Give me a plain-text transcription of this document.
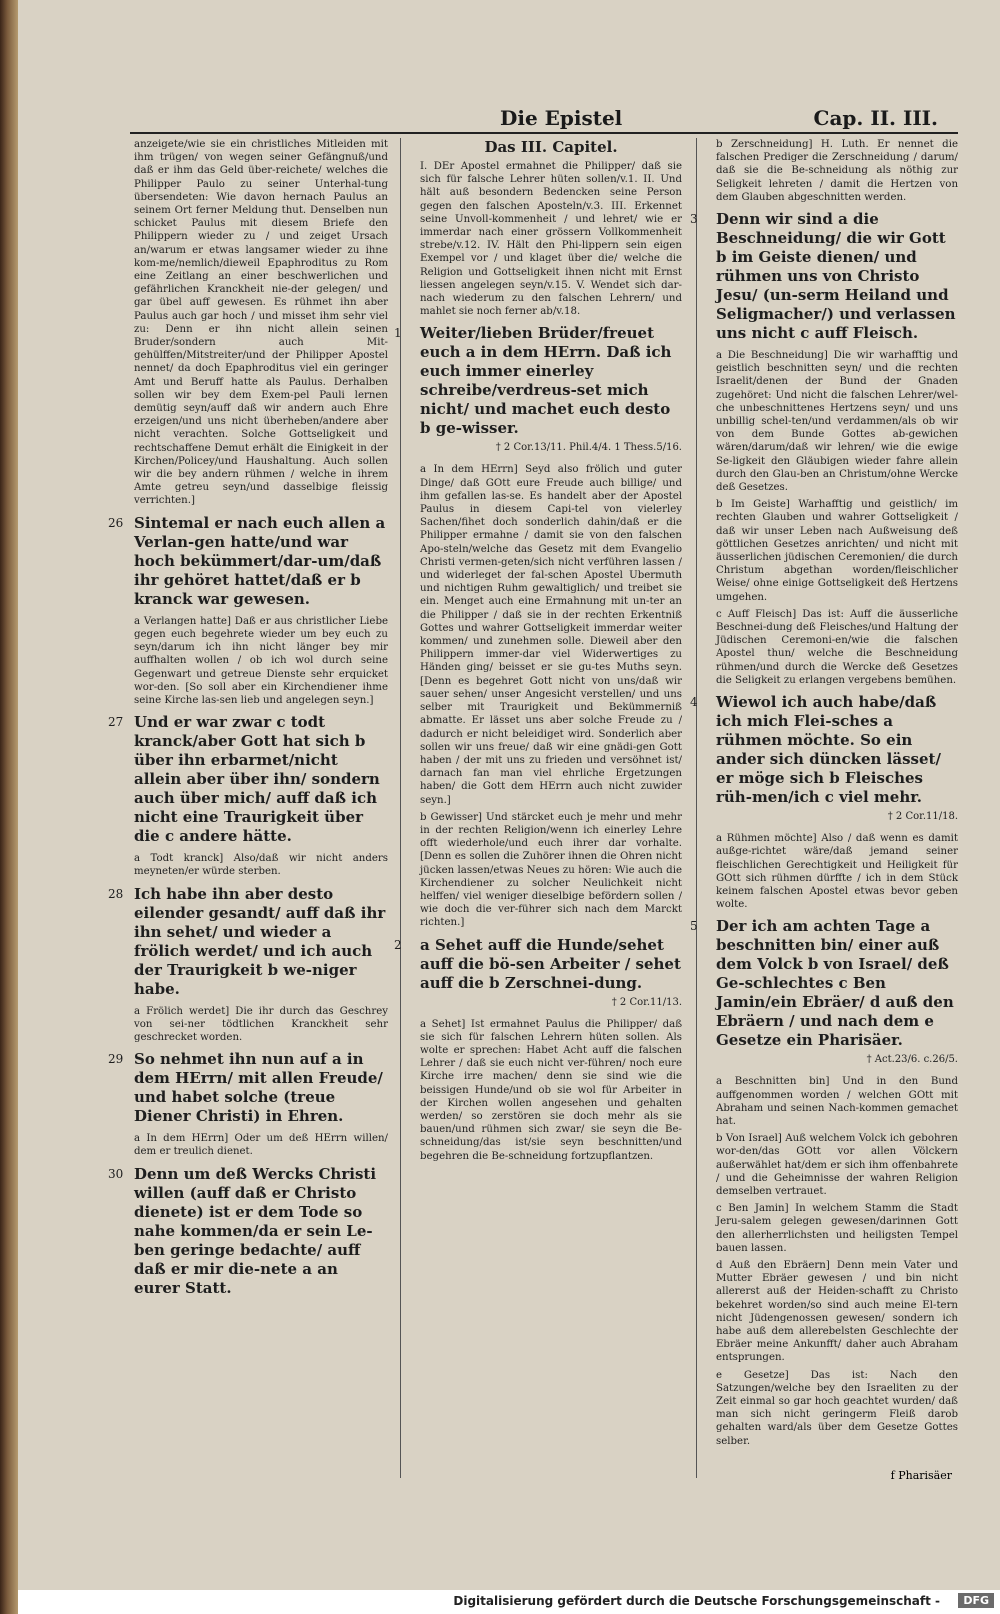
Die Epistel	Cap. II. III.

anzeigete/wie sie ein christliches Mitleiden mit ihm trügen/ von wegen seiner Gefängnuß/und daß er ihm das Geld über-reichete/ welches die Philipper Paulo zu seiner Unterhal-tung übersendeten: Wie davon hernach Paulus an seinem Ort ferner Meldung thut. Denselben nun schicket Paulus mit diesem Briefe den Philippern wieder zu / und zeiget Ursach an/warum er etwas langsamer wieder zu ihne kom-me/nemlich/dieweil Epaphroditus zu Rom eine Zeitlang an einer beschwerlichen und gefährlichen Kranckheit nie-der gelegen/ und gar übel auff gewesen. Es rühmet ihn aber Paulus auch gar hoch / und misset ihm sehr viel zu: Denn er ihn nicht allein seinen Bruder/sondern auch Mit-gehülffen/Mitstreiter/und der Philipper Apostel nennet/ da doch Epaphroditus viel ein geringer Amt und Beruff hatte als Paulus. Derhalben sollen wir bey dem Exem-pel Pauli lernen demütig seyn/auff daß wir andern auch Ehre erzeigen/und uns nicht überheben/andere aber nicht verachten. Solche Gottseligkeit und rechtschaffene Demut erhält die Einigkeit in der Kirchen/Policey/und Haushaltung. Auch sollen wir die bey andern rühmen / welche in ihrem Amte getreu seyn/und dasselbige fleissig verrichten.]

26 Sintemal er nach euch allen a Verlan-gen hatte/und war hoch bekümmert/dar-um/daß ihr gehöret hattet/daß er b kranck war gewesen.

a Verlangen hatte] Daß er aus christlicher Liebe gegen euch begehrete wieder um bey euch zu seyn/darum ich ihn nicht länger bey mir auffhalten wollen / ob ich wol durch seine Gegenwart und getreue Dienste sehr erquicket wor-den. [So soll aber ein Kirchendiener ihme seine Kirche las-sen lieb und angelegen seyn.]

27 Und er war zwar c todt kranck/aber Gott hat sich b über ihn erbarmet/nicht allein aber über ihn/ sondern auch über mich/ auff daß ich nicht eine Traurigkeit über die c andere hätte.

a Todt kranck] Also/daß wir nicht anders meyneten/er würde sterben.

28 Ich habe ihn aber desto eilender gesandt/ auff daß ihr ihn sehet/ und wieder a frölich werdet/ und ich auch der Traurigkeit b we-niger habe.

a Frölich werdet] Die ihr durch das Geschrey von sei-ner tödtlichen Kranckheit sehr geschrecket worden.

29 So nehmet ihn nun auf a in dem HErrn/ mit allen Freude/ und habet solche (treue Diener Christi) in Ehren.

a In dem HErrn] Oder um deß HErrn willen/ dem er treulich dienet.

30 Denn um deß Wercks Christi willen (auff daß er Christo dienete) ist er dem Tode so nahe kommen/da er sein Le-ben geringe bedachte/ auff daß er mir die-nete a an eurer Statt.
Das III. Capitel.

I. DEr Apostel ermahnet die Philipper/ daß sie sich für falsche Lehrer hüten sollen/v.1. II. Und hält auß besondern Bedencken seine Person gegen den falschen Aposteln/v.3. III. Erkennet seine Unvoll-kommenheit / und lehret/ wie er immerdar nach einer grössern Vollkommenheit strebe/v.12. IV. Hält den Phi-lippern sein eigen Exempel vor / und klaget über die/ welche die Religion und Gottseligkeit ihnen nicht mit Ernst liessen angelegen seyn/v.15. V. Wendet sich dar-nach wiederum zu den falschen Lehrern/ und mahlet sie noch ferner ab/v.18.

1 Weiter/lieben Brüder/freuet euch a in dem HErrn. Daß ich euch immer einerley schreibe/verdreus-set mich nicht/ und machet euch desto b ge-wisser.
† 2 Cor.13/11. Phil.4/4. 1 Thess.5/16.

a In dem HErrn] Seyd also frölich und guter Dinge/ daß GOtt eure Freude auch billige/ und ihm gefallen las-se. Es handelt aber der Apostel Paulus in diesem Capi-tel von vielerley Sachen/fihet doch sonderlich dahin/daß er die Philipper ermahne / damit sie von den falschen Apo-steln/welche das Gesetz mit dem Evangelio Christi vermen-geten/sich nicht verführen lassen / und widerleget der fal-schen Apostel Ubermuth und nichtigen Ruhm gewaltiglich/ und treibet sie ein. Menget auch eine Ermahnung mit un-ter an die Philipper / daß sie in der rechten Erkentniß Gottes und wahrer Gottseligkeit immerdar weiter kommen/ und zunehmen solle. Dieweil aber den Philippern immer-dar viel Widerwertiges zu Händen ging/ beisset er sie gu-tes Muths seyn. [Denn es begehret Gott nicht von uns/daß wir sauer sehen/ unser Angesicht verstellen/ und uns selber mit Traurigkeit und Bekümmerniß abmatte. Er lässet uns aber solche Freude zu / dadurch er nicht beleidiget wird. Sonderlich aber sollen wir uns freue/ daß wir eine gnädi-gen Gott haben / der mit uns zu frieden und versöhnet ist/ darnach fan man viel ehrliche Ergetzungen haben/ die Gott dem HErrn auch nicht zuwider seyn.]

b Gewisser] Und stärcket euch je mehr und mehr in der rechten Religion/wenn ich einerley Lehre offt wiederhole/und euch ihrer dar vorhalte. [Denn es sollen die Zuhörer ihnen die Ohren nicht jücken lassen/etwas Neues zu hören: Wie auch die Kirchendiener zu solcher Neulichkeit nicht helffen/ viel weniger dieselbige befördern sollen / wie doch die ver-führer sich nach dem Marckt richten.]

2 a Sehet auff die Hunde/sehet auff die bö-sen Arbeiter / sehet auff die b Zerschnei-dung.
† 2 Cor.11/13.

a Sehet] Ist ermahnet Paulus die Philipper/ daß sie sich für falschen Lehrern hüten sollen. Als wolte er sprechen: Habet Acht auff die falschen Lehrer / daß sie euch nicht ver-führen/ noch eure Kirche irre machen/ denn sie sind wie die beissigen Hunde/und ob sie wol für Arbeiter in der Kirchen wollen angesehen und gehalten werden/ so zerstören sie doch mehr als sie bauen/und rühmen sich zwar/ sie seyn die Be-schneidung/das ist/sie seyn beschnitten/und begehren die Be-schneidung fortzupflantzen.

b Zerschneidung] H. Luth. Er nennet die falschen Prediger die Zerschneidung / darum/ daß sie die Be-schneidung als nöthig zur Seligkeit lehreten / damit die Hertzen von dem Glauben abgeschnitten werden.

3 Denn wir sind a die Beschneidung/ die wir Gott b im Geiste dienen/ und rühmen uns von Christo Jesu/ (un-serm Heiland und Seligmacher/) und verlassen uns nicht c auff Fleisch.

a Die Beschneidung] Die wir warhafftig und geistlich beschnitten seyn/ und die rechten Israelit/denen der Bund der Gnaden zugehöret: Und nicht die falschen Lehrer/wel-che unbeschnittenes Hertzens seyn/ und uns unbillig schel-ten/und verdammen/als ob wir von dem Bunde Gottes ab-gewichen wären/darum/daß wir lehren/ wie die ewige Se-ligkeit den Gläubigen wieder fahre allein durch den Glau-ben an Christum/ohne Wercke deß Gesetzes.

b Im Geiste] Warhafftig und geistlich/ im rechten Glauben und wahrer Gottseligkeit / daß wir unser Leben nach Außweisung deß göttlichen Gesetzes anrichten/ und nicht mit äusserlichen jüdischen Ceremonien/ die durch Christum abgethan worden/fleischlicher Weise/ ohne einige Gottseligkeit deß Hertzens umgehen.

c Auff Fleisch] Das ist: Auff die äusserliche Beschnei-dung deß Fleisches/und Haltung der Jüdischen Ceremoni-en/wie die falschen Apostel thun/ welche die Beschneidung rühmen/und durch die Wercke deß Gesetzes die Seligkeit zu erlangen vergebens bemühen.

4 Wiewol ich auch habe/daß ich mich Flei-sches a rühmen möchte. So ein ander sich düncken lässet/ er möge sich b Fleisches rüh-men/ich c viel mehr.
† 2 Cor.11/18.

a Rühmen möchte] Also / daß wenn es damit außge-richtet wäre/daß jemand seiner fleischlichen Gerechtigkeit und Heiligkeit für GOtt sich rühmen dürffte / ich in dem Stück keinem falschen Apostel etwas bevor geben wolte.

5 Der ich am achten Tage a beschnitten bin/ einer auß dem Volck b von Israel/ deß Ge-schlechtes c Ben Jamin/ein Ebräer/ d auß den Ebräern / und nach dem e Gesetze ein Pharisäer.
† Act.23/6. c.26/5.

a Beschnitten bin] Und in den Bund auffgenommen worden / welchen GOtt mit Abraham und seinen Nach-kommen gemachet hat.

b Von Israel] Auß welchem Volck ich gebohren wor-den/das GOtt vor allen Völckern außerwählet hat/dem er sich ihm offenbahrete / und die Geheimnisse der wahren Religion demselben vertrauet.

c Ben Jamin] In welchem Stamm die Stadt Jeru-salem gelegen gewesen/darinnen Gott den allerherrlichsten und heiligsten Tempel bauen lassen.

d Auß den Ebräern] Denn mein Vater und Mutter Ebräer gewesen / und bin nicht allererst auß der Heiden-schafft zu Christo bekehret worden/so sind auch meine El-tern nicht Jüdengenossen gewesen/ sondern ich habe auß dem allerebelsten Geschlechte der Ebräer meine Ankunfft/ daher auch Abraham entsprungen.

e Gesetze] Das ist: Nach den Satzungen/welche bey den Israeliten zu der Zeit einmal so gar hoch geachtet wurden/ daß man sich nicht geringerm Fleiß darob gehalten ward/als über dem Gesetze Gottes selber.

f Pharisäer
Digitalisierung gefördert durch die Deutsche Forschungsgemeinschaft -	DFG
